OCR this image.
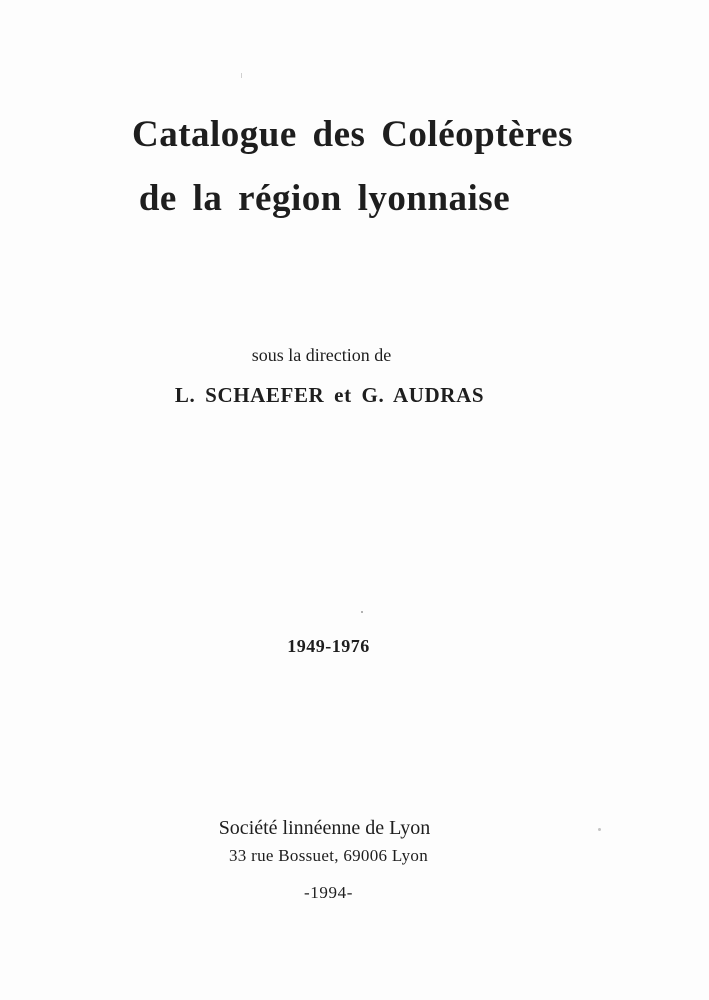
Catalogue des Coléoptères
de la région lyonnaise
sous la direction de
L. SCHAEFER et G. AUDRAS
1949-1976
Société linnéenne de Lyon
33 rue Bossuet, 69006 Lyon
-1994-
